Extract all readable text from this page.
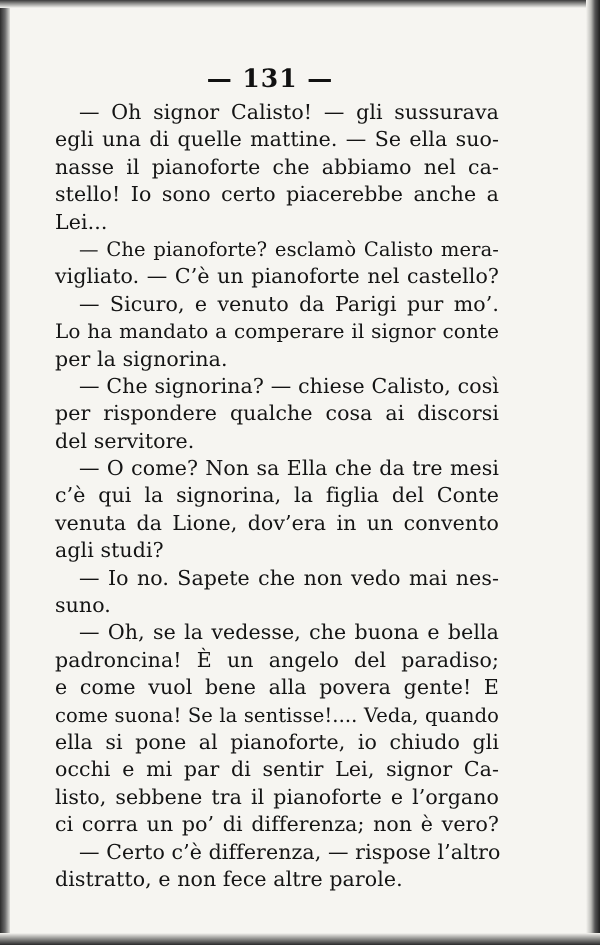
— 131 —
— Oh signor Calisto! — gli sussurava
egli una di quelle mattine. — Se ella suo-
nasse il pianoforte che abbiamo nel ca-
stello! Io sono certo piacerebbe anche a
Lei...
— Che pianoforte? esclamò Calisto mera-
vigliato. — C’è un pianoforte nel castello?
— Sicuro, e venuto da Parigi pur mo’.
Lo ha mandato a comperare il signor conte
per la signorina.
— Che signorina? — chiese Calisto, così
per rispondere qualche cosa ai discorsi
del servitore.
— O come? Non sa Ella che da tre mesi
c’è qui la signorina, la figlia del Conte
venuta da Lione, dov’era in un convento
agli studi?
— Io no. Sapete che non vedo mai nes-
suno.
— Oh, se la vedesse, che buona e bella
padroncina! È un angelo del paradiso;
e come vuol bene alla povera gente! E
come suona! Se la sentisse!.... Veda, quando
ella si pone al pianoforte, io chiudo gli
occhi e mi par di sentir Lei, signor Ca-
listo, sebbene tra il pianoforte e l’organo
ci corra un po’ di differenza; non è vero?
— Certo c’è differenza, — rispose l’altro
distratto, e non fece altre parole.
